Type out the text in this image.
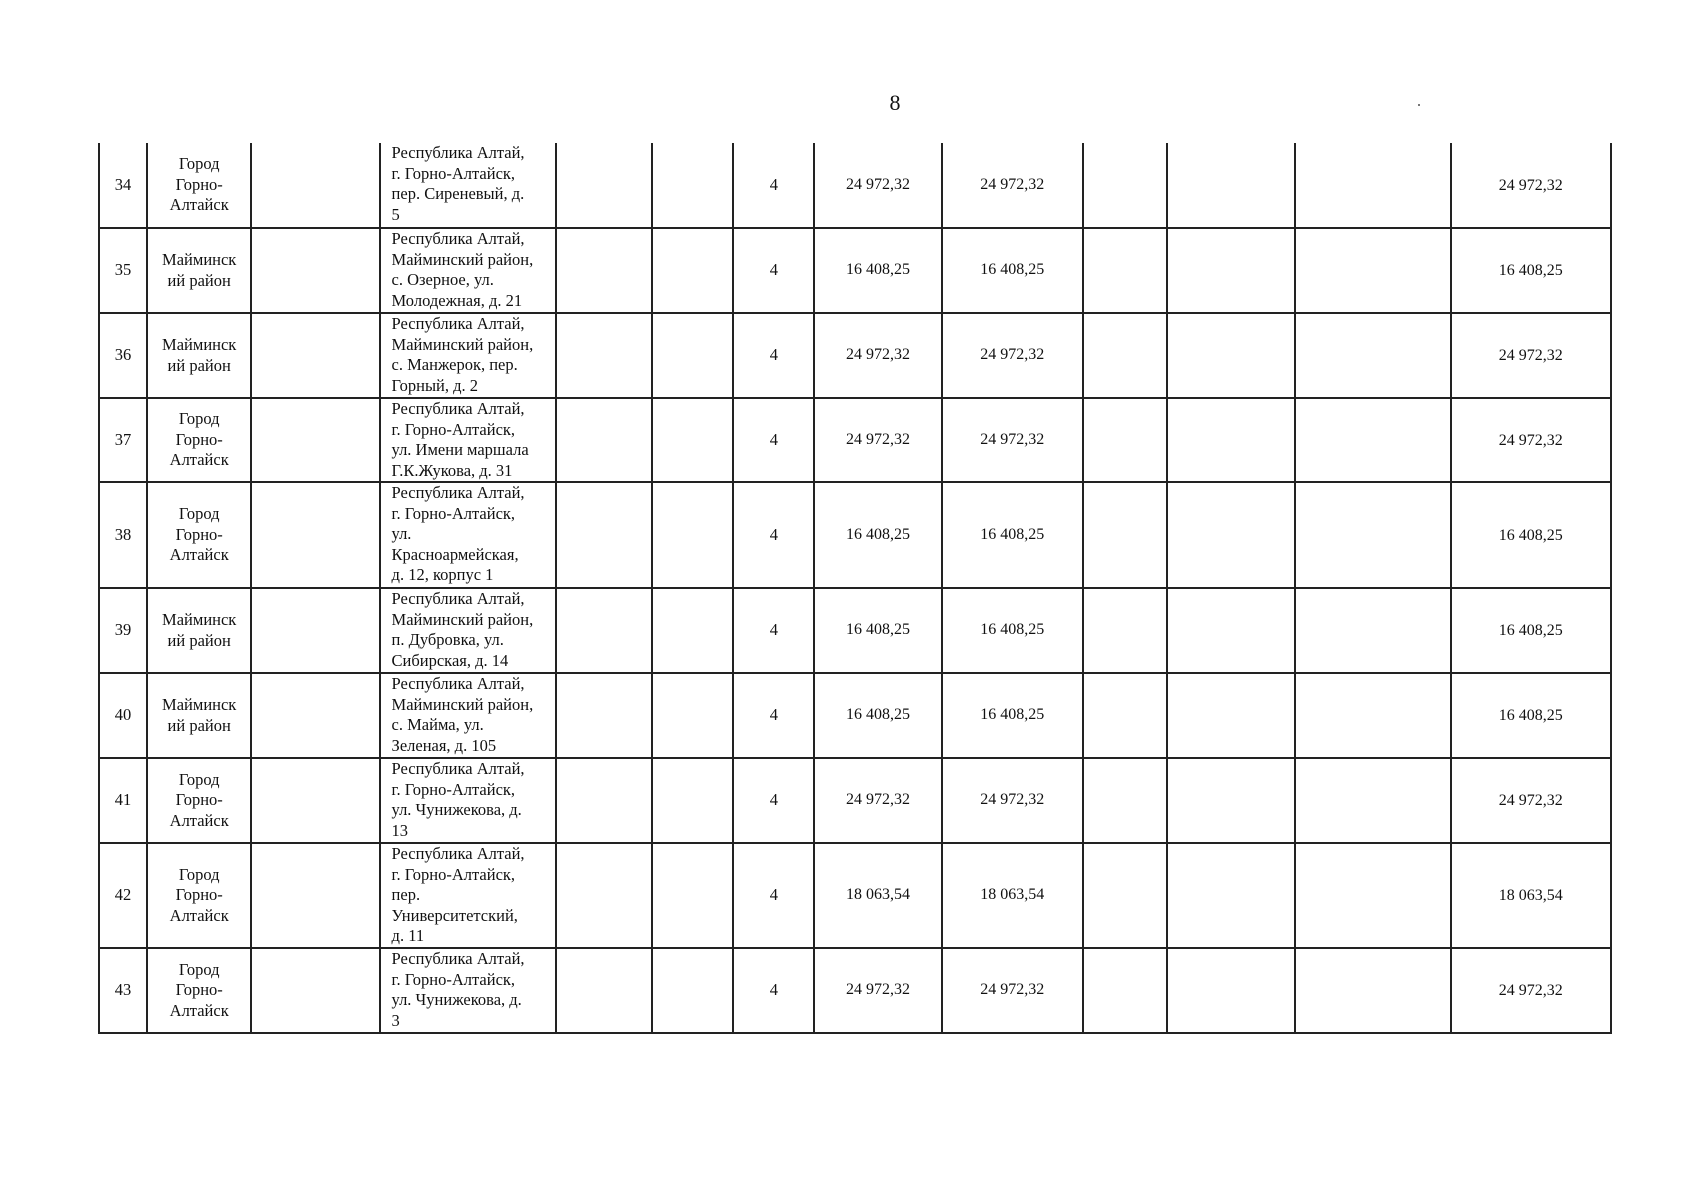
8
34	Город
Горно-
Алтайск		Республика Алтай,
г. Горно-Алтайск,
пер. Сиреневый, д.
5			4	24 972,32	24 972,32				24 972,32
35	Майминск
ий район		Республика Алтай,
Майминский район,
с. Озерное, ул.
Молодежная, д. 21			4	16 408,25	16 408,25				16 408,25
36	Майминск
ий район		Республика Алтай,
Майминский район,
с. Манжерок, пер.
Горный, д. 2			4	24 972,32	24 972,32				24 972,32
37	Город
Горно-
Алтайск		Республика Алтай,
г. Горно-Алтайск,
ул. Имени маршала
Г.К.Жукова, д. 31			4	24 972,32	24 972,32				24 972,32
38	Город
Горно-
Алтайск		Республика Алтай,
г. Горно-Алтайск,
ул.
Красноармейская,
д. 12, корпус 1			4	16 408,25	16 408,25				16 408,25
39	Майминск
ий район		Республика Алтай,
Майминский район,
п. Дубровка, ул.
Сибирская, д. 14			4	16 408,25	16 408,25				16 408,25
40	Майминск
ий район		Республика Алтай,
Майминский район,
с. Майма, ул.
Зеленая, д. 105			4	16 408,25	16 408,25				16 408,25
41	Город
Горно-
Алтайск		Республика Алтай,
г. Горно-Алтайск,
ул. Чунижекова, д.
13			4	24 972,32	24 972,32				24 972,32
42	Город
Горно-
Алтайск		Республика Алтай,
г. Горно-Алтайск,
пер.
Университетский,
д. 11			4	18 063,54	18 063,54				18 063,54
43	Город
Горно-
Алтайск		Республика Алтай,
г. Горно-Алтайск,
ул. Чунижекова, д.
3			4	24 972,32	24 972,32				24 972,32
